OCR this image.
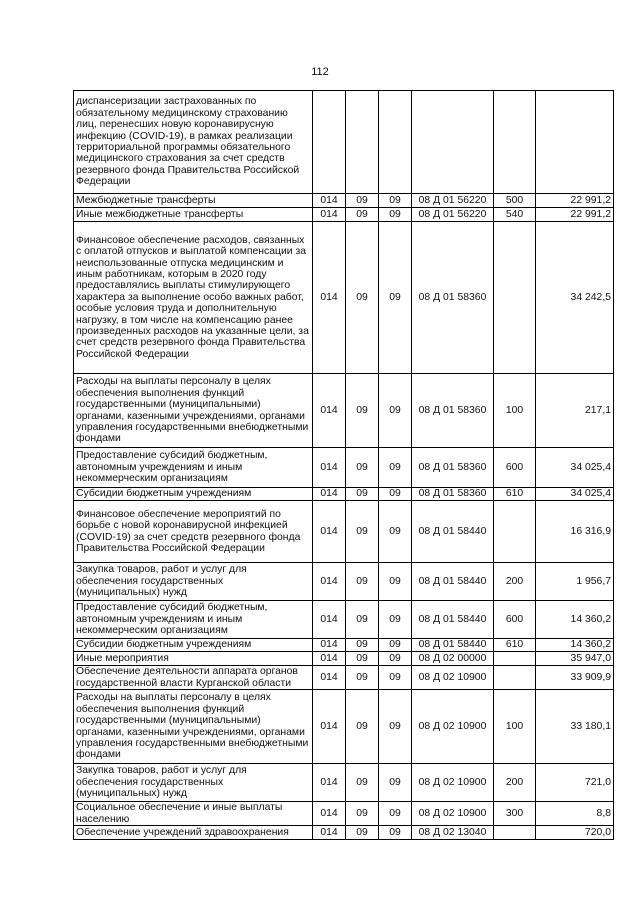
112
диспансеризации застрахованных по обязательному медицинскому страхованию лиц, перенесших новую коронавирусную инфекцию (COVID-19), в рамках реализации территориальной программы обязательного медицинского страхования за счет средств резервного фонда Правительства Российской Федерации						
Межбюджетные трансферты	014	09	09	08 Д 01 56220	500	22 991,2
Иные межбюджетные трансферты	014	09	09	08 Д 01 56220	540	22 991,2
Финансовое обеспечение расходов, связанных с оплатой отпусков и выплатой компенсации за неиспользованные отпуска медицинским и иным работникам, которым в 2020 году предоставлялись выплаты стимулирующего характера за выполнение особо важных работ, особые условия труда и дополнительную нагрузку, в том числе на компенсацию ранее произведенных расходов на указанные цели, за счет средств резервного фонда Правительства Российской Федерации	014	09	09	08 Д 01 58360		34 242,5
Расходы на выплаты персоналу в целях обеспечения выполнения функций государственными (муниципальными) органами, казенными учреждениями, органами управления государственными внебюджетными фондами	014	09	09	08 Д 01 58360	100	217,1
Предоставление субсидий бюджетным, автономным учреждениям и иным некоммерческим организациям	014	09	09	08 Д 01 58360	600	34 025,4
Субсидии бюджетным учреждениям	014	09	09	08 Д 01 58360	610	34 025,4
Финансовое обеспечение мероприятий по борьбе с новой коронавирусной инфекцией (COVID-19) за счет средств резервного фонда Правительства Российской Федерации	014	09	09	08 Д 01 58440		16 316,9
Закупка товаров, работ и услуг для обеспечения государственных (муниципальных) нужд	014	09	09	08 Д 01 58440	200	1 956,7
Предоставление субсидий бюджетным, автономным учреждениям и иным некоммерческим организациям	014	09	09	08 Д 01 58440	600	14 360,2
Субсидии бюджетным учреждениям	014	09	09	08 Д 01 58440	610	14 360,2
Иные мероприятия	014	09	09	08 Д 02 00000		35 947,0
Обеспечение деятельности аппарата органов государственной власти Курганской области	014	09	09	08 Д 02 10900		33 909,9
Расходы на выплаты персоналу в целях обеспечения выполнения функций государственными (муниципальными) органами, казенными учреждениями, органами управления государственными внебюджетными фондами	014	09	09	08 Д 02 10900	100	33 180,1
Закупка товаров, работ и услуг для обеспечения государственных (муниципальных) нужд	014	09	09	08 Д 02 10900	200	721,0
Социальное обеспечение и иные выплаты населению	014	09	09	08 Д 02 10900	300	8,8
Обеспечение учреждений здравоохранения	014	09	09	08 Д 02 13040		720,0
